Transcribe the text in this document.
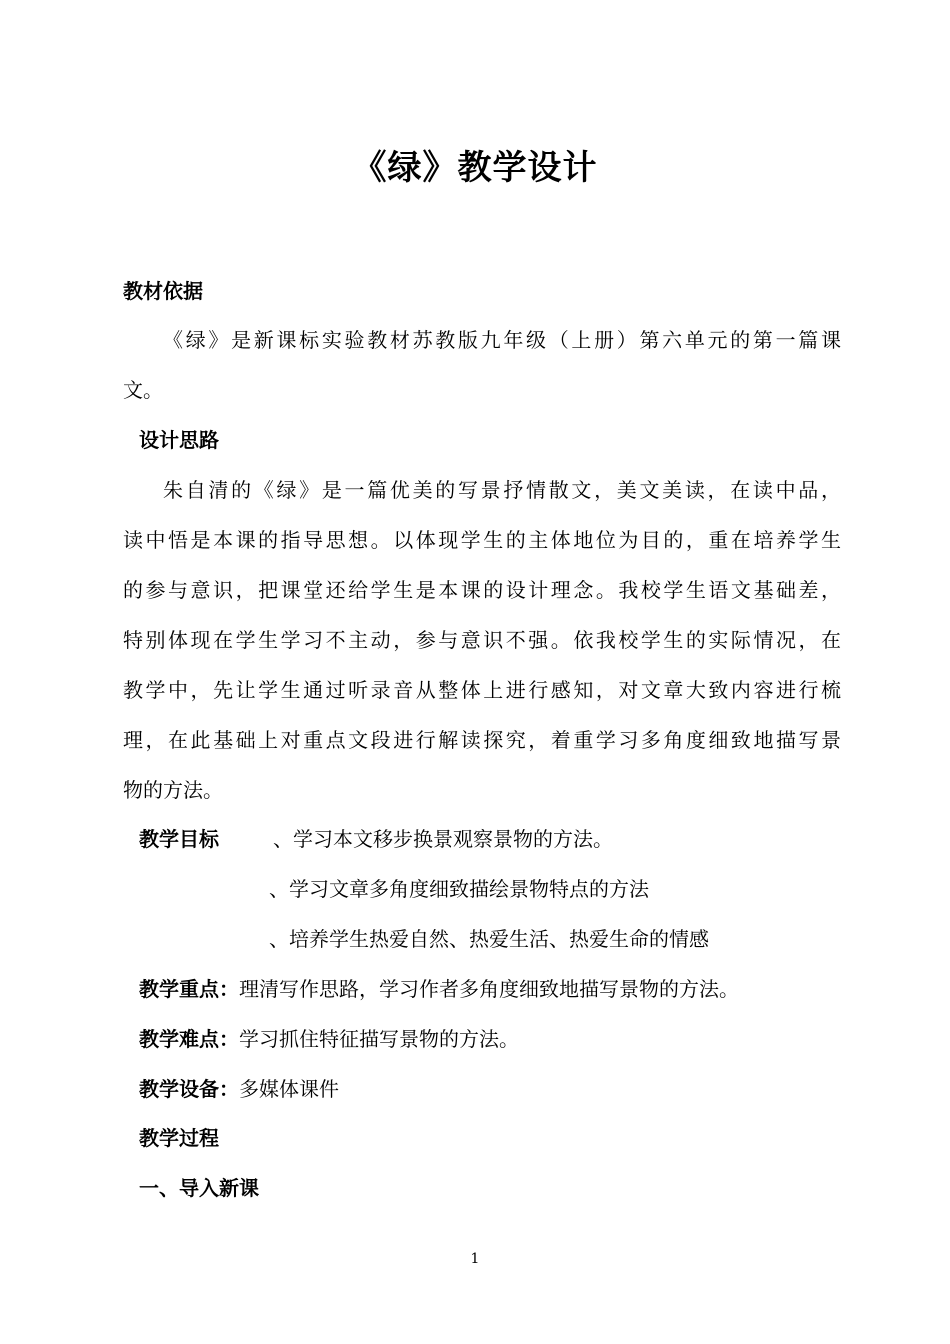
《绿》教学设计
教材依据
《绿》是新课标实验教材苏教版九年级（上册）第六单元的第一篇课
文。
设计思路
朱自清的《绿》是一篇优美的写景抒情散文，美文美读，在读中品，
读中悟是本课的指导思想。以体现学生的主体地位为目的，重在培养学生
的参与意识，把课堂还给学生是本课的设计理念。我校学生语文基础差，
特别体现在学生学习不主动，参与意识不强。依我校学生的实际情况，在
教学中，先让学生通过听录音从整体上进行感知，对文章大致内容进行梳
理，在此基础上对重点文段进行解读探究，着重学习多角度细致地描写景
物的方法。
教学目标	、学习本文移步换景观察景物的方法。
、学习文章多角度细致描绘景物特点的方法
、培养学生热爱自然、热爱生活、热爱生命的情感
教学重点：理清写作思路，学习作者多角度细致地描写景物的方法。
教学难点：学习抓住特征描写景物的方法。
教学设备：多媒体课件
教学过程
一、导入新课
1
